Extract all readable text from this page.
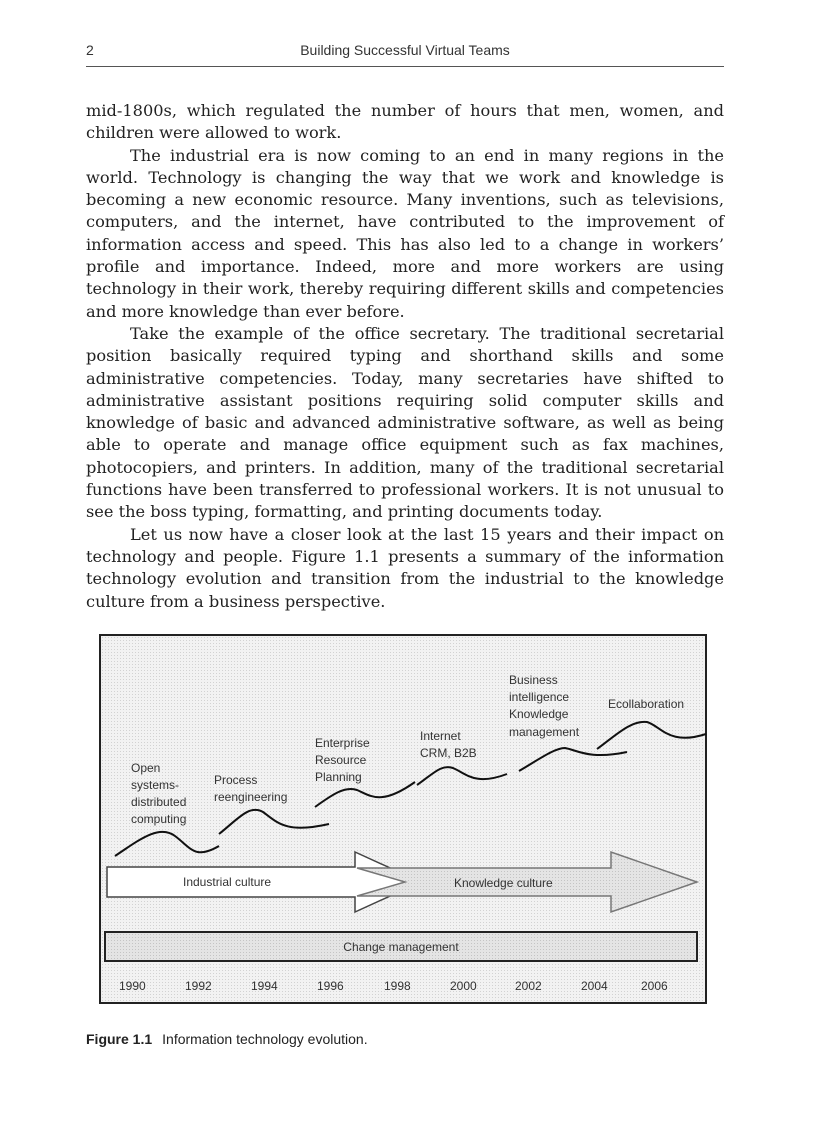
2	Building Successful Virtual Teams

mid-1800s, which regulated the number of hours that men, women, and children were allowed to work.

The industrial era is now coming to an end in many regions in the world. Technology is changing the way that we work and knowledge is becoming a new economic resource. Many inventions, such as televisions, computers, and the internet, have contributed to the improvement of information access and speed. This has also led to a change in workers’ profile and importance. Indeed, more and more workers are using technology in their work, thereby requiring different skills and competencies and more knowledge than ever before.

Take the example of the office secretary. The traditional secretarial position basically required typing and shorthand skills and some administrative competencies. Today, many secretaries have shifted to administrative assistant positions requiring solid computer skills and knowledge of basic and advanced administrative software, as well as being able to operate and manage office equipment such as fax machines, photocopiers, and printers. In addition, many of the traditional secretarial functions have been transferred to professional workers. It is not unusual to see the boss typing, formatting, and printing documents today.

Let us now have a closer look at the last 15 years and their impact on technology and people. Figure 1.1 presents a summary of the information technology evolution and transition from the industrial to the knowledge culture from a business perspective.

Open systems- distributed computing
Process reengineering
Enterprise Resource Planning
Internet CRM, B2B
Business intelligence Knowledge management
Ecollaboration
Industrial culture	Knowledge culture
Change management
1990	1992	1994	1996	1998	2000	2002	2004	2006
Figure 1.1 Information technology evolution.
